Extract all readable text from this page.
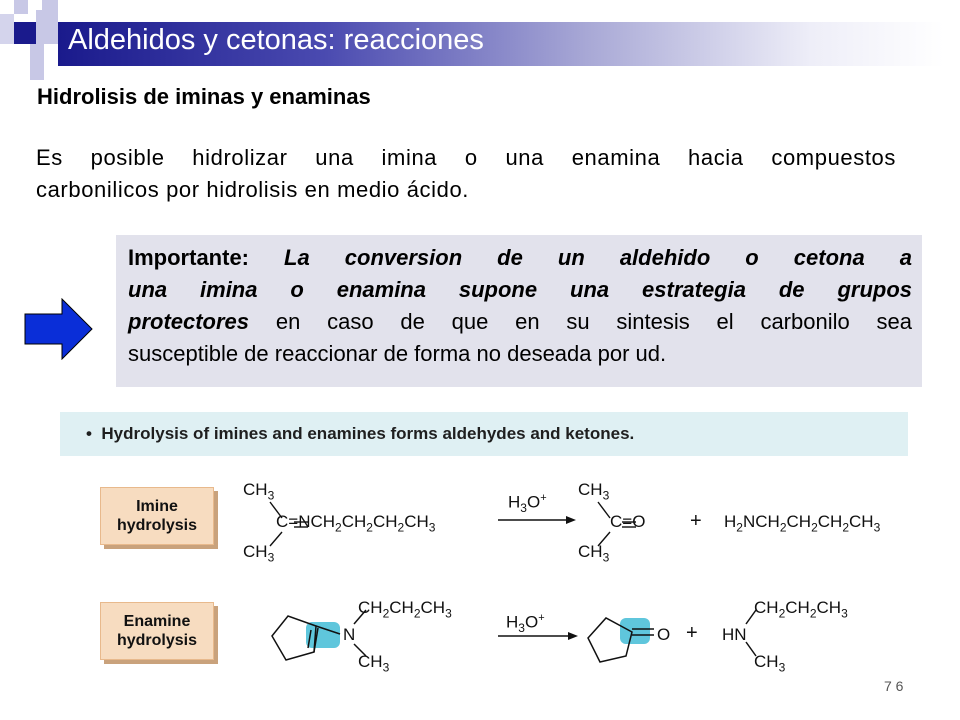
Aldehidos y cetonas: reacciones
Hidrolisis de iminas y enaminas
Es posible hidrolizar una imina o una enamina hacia compuestos
carbonilicos por hidrolisis en medio ácido.
Importante: La conversion de un aldehido o cetona a
una imina o enamina supone una estrategia de grupos
protectores en caso de que en su sintesis el carbonilo sea
susceptible de reaccionar de forma no deseada por ud.
• Hydrolysis of imines and enamines forms aldehydes and ketones.
Imine
hydrolysis
$CH_3$
$C=NCH_2CH_2CH_2CH_3$
$CH_3$
$H_3O^+$ $CH_3$
C=O
$CH_3$
+ $H_2NCH_2CH_2CH_2CH_3$
Enamine
hydrolysis
$CH_2CH_2CH_3$
N
$CH_3$
$H_3O^+$
O +
$CH_2CH_2CH_3$
HN
$CH_3$
7 6
